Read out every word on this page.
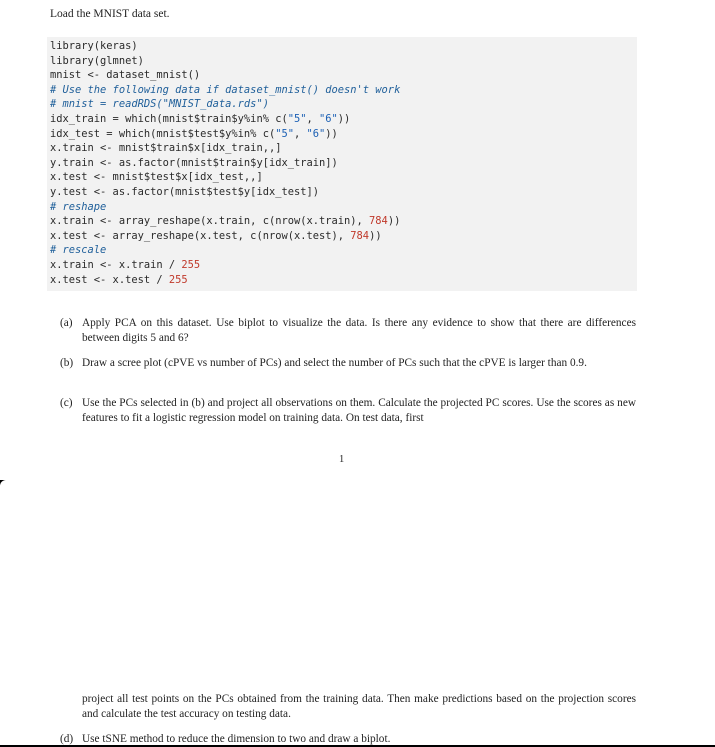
Load the MNIST data set.
library(keras)
library(glmnet)
mnist <- dataset_mnist()
# Use the following data if dataset_mnist() doesn't work
# mnist = readRDS("MNIST_data.rds")
idx_train = which(mnist$train$y%in% c("5", "6"))
idx_test = which(mnist$test$y%in% c("5", "6"))
x.train <- mnist$train$x[idx_train,,]
y.train <- as.factor(mnist$train$y[idx_train])
x.test <- mnist$test$x[idx_test,,]
y.test <- as.factor(mnist$test$y[idx_test])
# reshape
x.train <- array_reshape(x.train, c(nrow(x.train), 784))
x.test <- array_reshape(x.test, c(nrow(x.test), 784))
# rescale
x.train <- x.train / 255
x.test <- x.test / 255
(a) Apply PCA on this dataset. Use biplot to visualize the data. Is there any evidence to show that there are differences between digits 5 and 6?
(b) Draw a scree plot (cPVE vs number of PCs) and select the number of PCs such that the cPVE is larger than 0.9.
(c) Use the PCs selected in (b) and project all observations on them. Calculate the projected PC scores. Use the scores as new features to fit a logistic regression model on training data. On test data, first
1
project all test points on the PCs obtained from the training data. Then make predictions based on the projection scores and calculate the test accuracy on testing data.
(d) Use tSNE method to reduce the dimension to two and draw a biplot.
